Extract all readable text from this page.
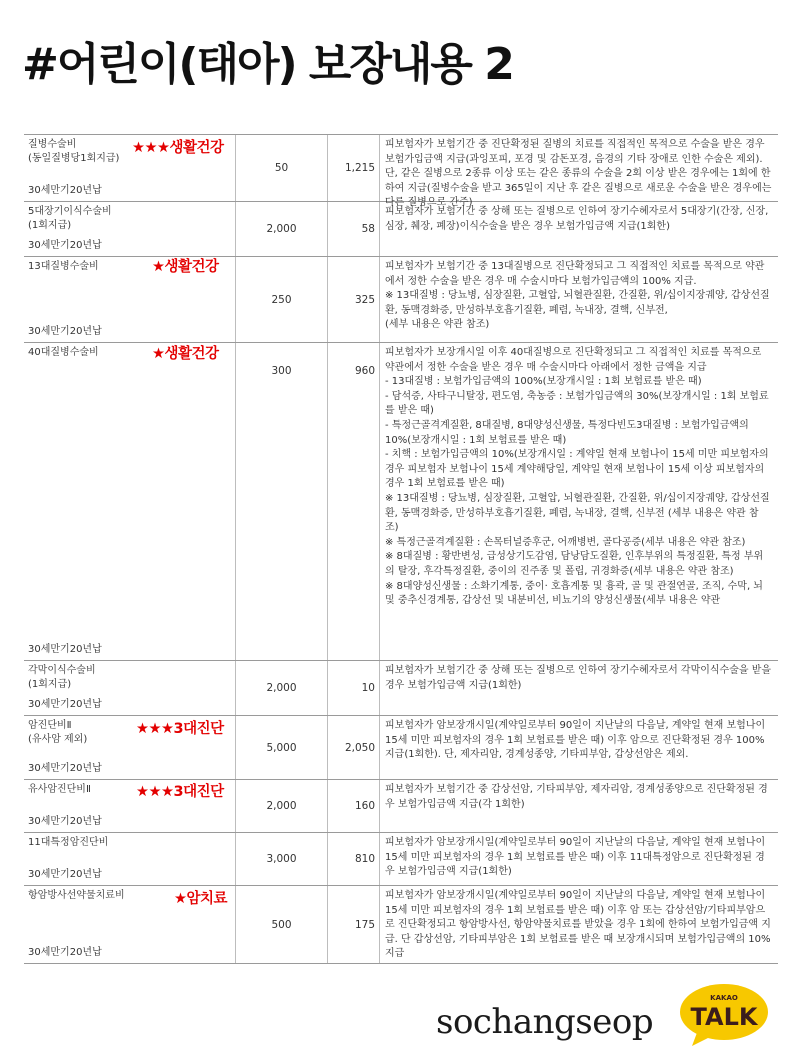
#어린이(태아) 보장내용 2
질병수술비
(동일질병당1회지급)
★★★생활건강
30세만기20년납
50	1,215
피보험자가 보험기간 중 진단확정된 질병의 치료를 직접적인 목적으로 수술을 받은 경우 보험가입금액 지급(과잉포피, 포경 및 감돈포경, 음경의 기타 장애로 인한 수술은 제외). 단, 같은 질병으로 2종류 이상 또는 같은 종류의 수술을 2회 이상 받은 경우에는 1회에 한하여 지급(질병수술을 받고 365일이 지난 후 같은 질병으로 새로운 수술을 받은 경우에는 다른 질병으로 간주)
5대장기이식수술비
(1회지급)
30세만기20년납
2,000	58
피보험자가 보험기간 중 상해 또는 질병으로 인하여 장기수혜자로서 5대장기(간장, 신장, 심장, 췌장, 폐장)이식수술을 받은 경우 보험가입금액 지급(1회한)
13대질병수술비	★생활건강
30세만기20년납
250	325
피보험자가 보험기간 중 13대질병으로 진단확정되고 그 직접적인 치료를 목적으로 약관에서 정한 수술을 받은 경우 매 수술시마다 보험가입금액의 100% 지급.
※ 13대질병 : 당뇨병, 심장질환, 고혈압, 뇌혈관질환, 간질환, 위/십이지장궤양, 갑상선질환, 동맥경화증, 만성하부호흡기질환, 폐렴, 녹내장, 결핵, 신부전,
(세부 내용은 약관 참조)
40대질병수술비	★생활건강
30세만기20년납
300	960
피보험자가 보장개시일 이후 40대질병으로 진단확정되고 그 직접적인 치료를 목적으로 약관에서 정한 수술을 받은 경우 매 수술시마다 아래에서 정한 금액을 지급
- 13대질병 : 보험가입금액의 100%(보장개시일 : 1회 보험료를 받은 때)
- 담석증, 사타구니탈장, 편도염, 축농증 : 보험가입금액의 30%(보장개시일 : 1회 보험료를 받은 때)
- 특정근골격계질환, 8대질병, 8대양성신생물, 특정다빈도3대질병 : 보험가입금액의 10%(보장개시일 : 1회 보험료를 받은 때)
- 치핵 : 보험가입금액의 10%(보장개시일 : 계약일 현재 보험나이 15세 미만 피보험자의 경우 피보험자 보험나이 15세 계약해당일, 계약일 현재 보험나이 15세 이상 피보험자의 경우 1회 보험료를 받은 때)
※ 13대질병 : 당뇨병, 심장질환, 고혈압, 뇌혈관질환, 간질환, 위/십이지장궤양, 갑상선질환, 동맥경화증, 만성하부호흡기질환, 폐렴, 녹내장, 결핵, 신부전 (세부 내용은 약관 참조)
※ 특정근골격계질환 : 손목터널증후군, 어깨병변, 골다공증(세부 내용은 약관 참조)
※ 8대질병 : 황반변성, 급성상기도감염, 담낭담도질환, 인후부위의 특정질환, 특정 부위의 탈장, 후각특정질환, 중이의 진주종 및 폴립, 귀경화증(세부 내용은 약관 참조)
※ 8대양성신생물 : 소화기계통, 중이· 호흡계통 및 흉곽, 골 및 관절연골, 조직, 수막, 뇌 및 중추신경계통, 갑상선 및 내분비선, 비뇨기의 양성신생물(세부 내용은 약관
각막이식수술비
(1회지급)
30세만기20년납
2,000	10
피보험자가 보험기간 중 상해 또는 질병으로 인하여 장기수혜자로서 각막이식수술을 받을 경우 보험가입금액 지급(1회한)
암진단비Ⅱ
(유사암 제외)
★★★3대진단
30세만기20년납
5,000	2,050
피보험자가 암보장개시일(계약일로부터 90일이 지난날의 다음날, 계약일 현재 보험나이 15세 미만 피보험자의 경우 1회 보험료를 받은 때) 이후 암으로 진단확정된 경우 100% 지급(1회한). 단, 제자리암, 경계성종양, 기타피부암, 갑상선암은 제외.
유사암진단비Ⅱ	★★★3대진단
30세만기20년납
2,000	160
피보험자가 보험기간 중 갑상선암, 기타피부암, 제자리암, 경계성종양으로 진단확정된 경우 보험가입금액 지급(각 1회한)
11대특정암진단비
30세만기20년납
3,000	810
피보험자가 암보장개시일(계약일로부터 90일이 지난날의 다음날, 계약일 현재 보험나이 15세 미만 피보험자의 경우 1회 보험료를 받은 때) 이후 11대특정암으로 진단확정된 경우 보험가입금액 지급(1회한)
항암방사선약물치료비	★암치료
30세만기20년납
500	175
피보험자가 암보장개시일(계약일로부터 90일이 지난날의 다음날, 계약일 현재 보험나이 15세 미만 피보험자의 경우 1회 보험료를 받은 때) 이후 암 또는 갑상선암/기타피부암으로 진단확정되고 항암방사선, 항암약물치료를 받았을 경우 1회에 한하여 보험가입금액 지급. 단 갑상선암, 기타피부암은 1회 보험료를 받은 때 보장개시되며 보험가입금액의 10% 지급
sochangseop
KAKAO
TALK
